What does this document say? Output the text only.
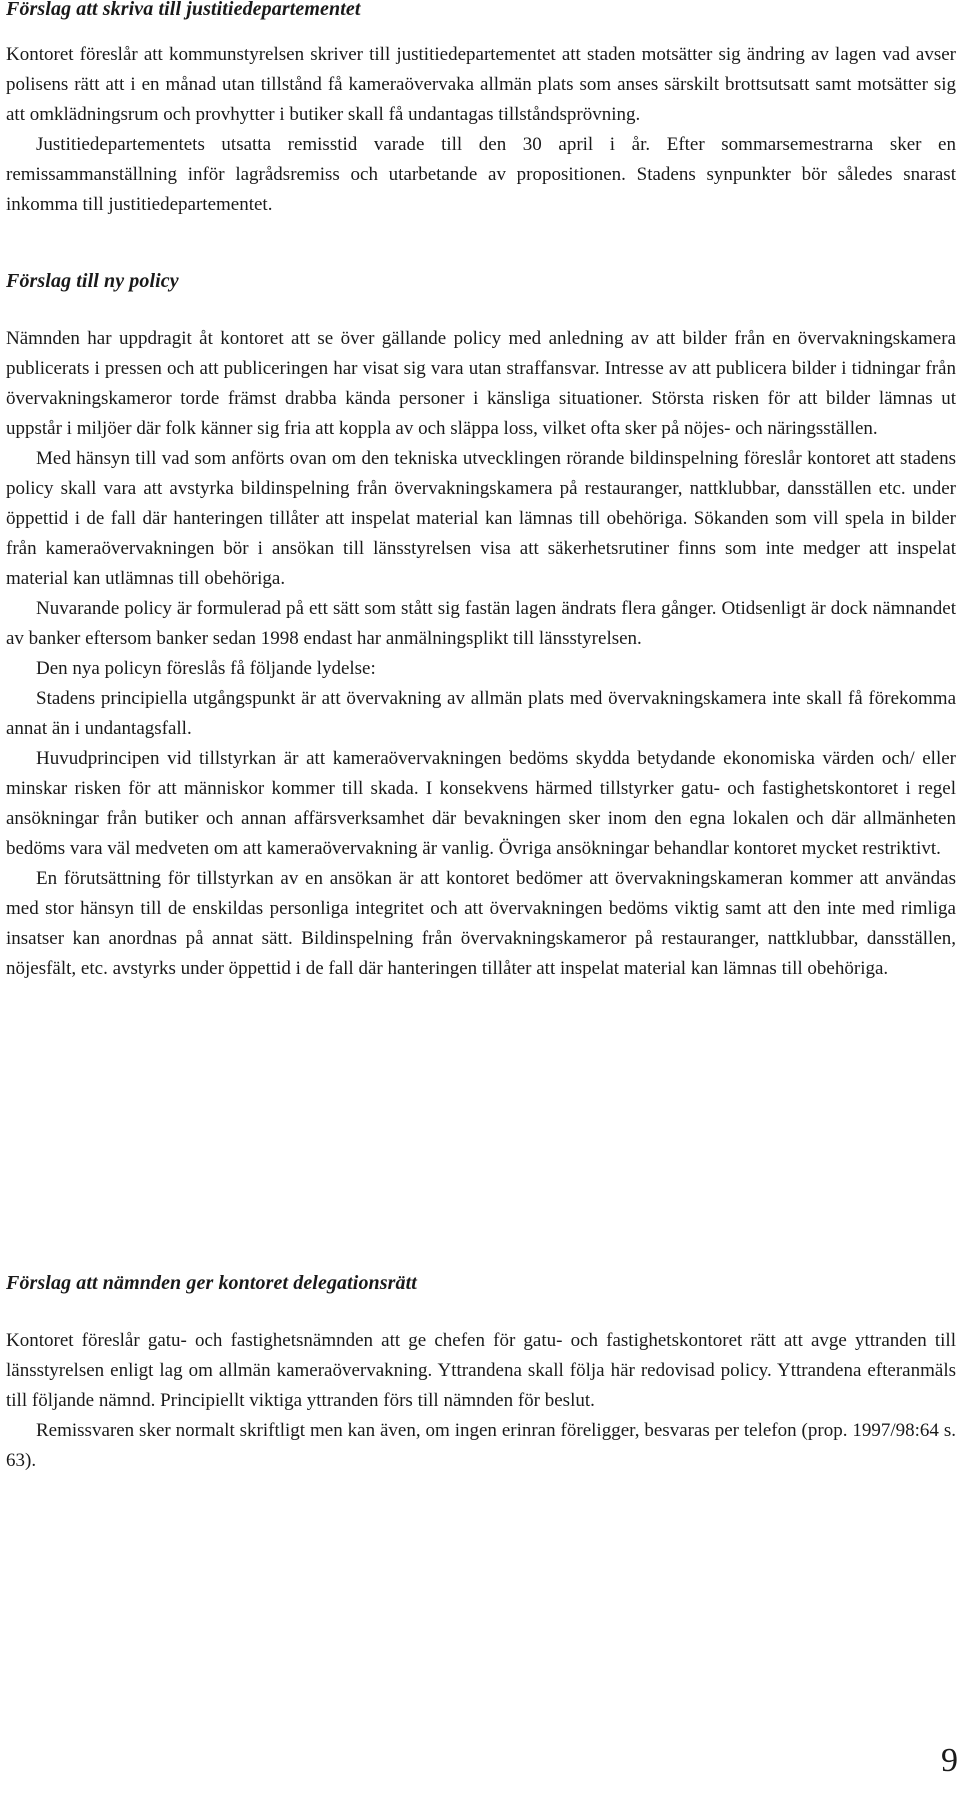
Förslag att skriva till justitiedepartementet

Kontoret föreslår att kommunstyrelsen skriver till justitiedepartementet att staden motsätter sig ändring av lagen vad avser polisens rätt att i en månad utan tillstånd få kameraövervaka allmän plats som anses särskilt brottsutsatt samt motsätter sig att omklädningsrum och provhytter i butiker skall få undantagas tillståndsprövning.

Justitiedepartementets utsatta remisstid varade till den 30 april i år. Efter sommarsemestrarna sker en remissammanställning inför lagrådsremiss och utarbetande av propositionen. Stadens synpunkter bör således snarast inkomma till justitiedepartementet.

Förslag till ny policy

Nämnden har uppdragit åt kontoret att se över gällande policy med anledning av att bilder från en övervakningskamera publicerats i pressen och att publiceringen har visat sig vara utan straffansvar. Intresse av att publicera bilder i tidningar från övervakningskameror torde främst drabba kända personer i känsliga situationer. Största risken för att bilder lämnas ut uppstår i miljöer där folk känner sig fria att koppla av och släppa loss, vilket ofta sker på nöjes- och näringsställen.

Med hänsyn till vad som anförts ovan om den tekniska utvecklingen rörande bildinspelning föreslår kontoret att stadens policy skall vara att avstyrka bildinspelning från övervakningskamera på restauranger, nattklubbar, dansställen etc. under öppettid i de fall där hanteringen tillåter att inspelat material kan lämnas till obehöriga. Sökanden som vill spela in bilder från kameraövervakningen bör i ansökan till länsstyrelsen visa att säkerhetsrutiner finns som inte medger att inspelat material kan utlämnas till obehöriga.

Nuvarande policy är formulerad på ett sätt som stått sig fastän lagen ändrats flera gånger. Otidsenligt är dock nämnandet av banker eftersom banker sedan 1998 endast har anmälningsplikt till länsstyrelsen.

Den nya policyn föreslås få följande lydelse:

Stadens principiella utgångspunkt är att övervakning av allmän plats med övervakningskamera inte skall få förekomma annat än i undantagsfall.

Huvudprincipen vid tillstyrkan är att kameraövervakningen bedöms skydda betydande ekonomiska värden och/ eller minskar risken för att människor kommer till skada. I konsekvens härmed tillstyrker gatu- och fastighetskontoret i regel ansökningar från butiker och annan affärsverksamhet där bevakningen sker inom den egna lokalen och där allmänheten bedöms vara väl medveten om att kameraövervakning är vanlig. Övriga ansökningar behandlar kontoret mycket restriktivt.

En förutsättning för tillstyrkan av en ansökan är att kontoret bedömer att övervakningskameran kommer att användas med stor hänsyn till de enskildas personliga integritet och att övervakningen bedöms viktig samt att den inte med rimliga insatser kan anordnas på annat sätt. Bildinspelning från övervakningskameror på restauranger, nattklubbar, dansställen, nöjesfält, etc. avstyrks under öppettid i de fall där hanteringen tillåter att inspelat material kan lämnas till obehöriga.

Förslag att nämnden ger kontoret delegationsrätt

Kontoret föreslår gatu- och fastighetsnämnden att ge chefen för gatu- och fastighetskontoret rätt att avge yttranden till länsstyrelsen enligt lag om allmän kameraövervakning. Yttrandena skall följa här redovisad policy. Yttrandena efteranmäls till följande nämnd. Principiellt viktiga yttranden förs till nämnden för beslut.

Remissvaren sker normalt skriftligt men kan även, om ingen erinran föreligger, besvaras per telefon (prop. 1997/98:64 s. 63).

9
